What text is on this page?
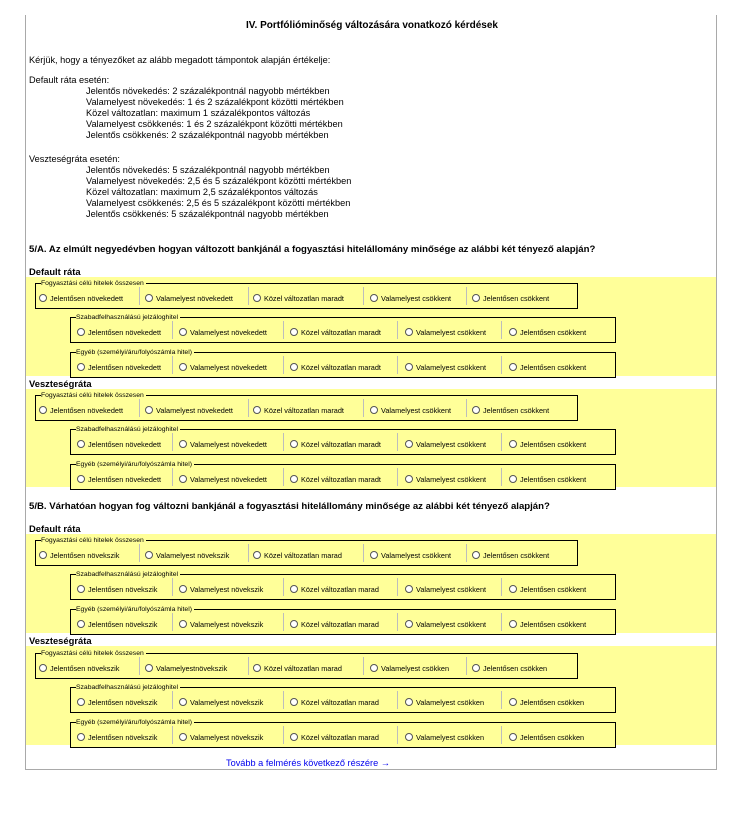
IV. Portfólióminőség változására vonatkozó kérdések
Kérjük, hogy a tényezőket az alább megadott támpontok alapján értékelje:
Default ráta esetén:
Jelentős növekedés: 2 százalékpontnál nagyobb mértékben
Valamelyest növekedés: 1 és 2 százalékpont közötti mértékben
Közel változatlan: maximum 1 százalékpontos változás
Valamelyest csökkenés: 1 és 2 százalékpont közötti mértékben
Jelentős csökkenés: 2 százalékpontnál nagyobb mértékben
Veszteségráta esetén:
Jelentős növekedés: 5 százalékpontnál nagyobb mértékben
Valamelyest növekedés: 2,5 és 5 százalékpont közötti mértékben
Közel változatlan: maximum 2,5 százalékpontos változás
Valamelyest csökkenés: 2,5 és 5 százalékpont közötti mértékben
Jelentős csökkenés: 5 százalékpontnál nagyobb mértékben
5/A. Az elmúlt negyedévben hogyan változott bankjánál a fogyasztási hitelállomány minősége az alábbi két tényező alapján?
Default ráta
Veszteségráta
5/B. Várhatóan hogyan fog változni bankjánál a fogyasztási hitelállomány minősége az alábbi két tényező alapján?
Default ráta
Veszteségráta
Fogyasztási célú hitelek összesen
Jelentősen növekedett	Valamelyest növekedett	Közel változatlan maradt	Valamelyest csökkent	Jelentősen csökkent
Szabadfelhasználású jelzáloghitel
Jelentősen növekedett	Valamelyest növekedett	Közel változatlan maradt	Valamelyest csökkent	Jelentősen csökkent
Egyéb (személyi/áru/folyószámla hitel)
Jelentősen növekedett	Valamelyest növekedett	Közel változatlan maradt	Valamelyest csökkent	Jelentősen csökkent
Fogyasztási célú hitelek összesen
Jelentősen növekedett	Valamelyest növekedett	Közel változatlan maradt	Valamelyest csökkent	Jelentősen csökkent
Szabadfelhasználású jelzáloghitel
Jelentősen növekedett	Valamelyest növekedett	Közel változatlan maradt	Valamelyest csökkent	Jelentősen csökkent
Egyéb (személyi/áru/folyószámla hitel)
Jelentősen növekedett	Valamelyest növekedett	Közel változatlan maradt	Valamelyest csökkent	Jelentősen csökkent
Fogyasztási célú hitelek összesen
Jelentősen növekszik	Valamelyest növekszik	Közel változatlan marad	Valamelyest csökkent	Jelentősen csökkent
Szabadfelhasználású jelzáloghitel
Jelentősen növekszik	Valamelyest növekszik	Közel változatlan marad	Valamelyest csökkent	Jelentősen csökkent
Egyéb (személyi/áru/folyószámla hitel)
Jelentősen növekszik	Valamelyest növekszik	Közel változatlan marad	Valamelyest csökkent	Jelentősen csökkent
Fogyasztási célú hitelek összesen
Jelentősen növekszik	Valamelyestnövekszik	Közel változatlan marad	Valamelyest csökken	Jelentősen csökken
Szabadfelhasználású jelzáloghitel
Jelentősen növekszik	Valamelyest növekszik	Közel változatlan marad	Valamelyest csökken	Jelentősen csökken
Egyéb (személyi/áru/folyószámla hitel)
Jelentősen növekszik	Valamelyest növekszik	Közel változatlan marad	Valamelyest csökken	Jelentősen csökken
Tovább a felmérés következő részére →
